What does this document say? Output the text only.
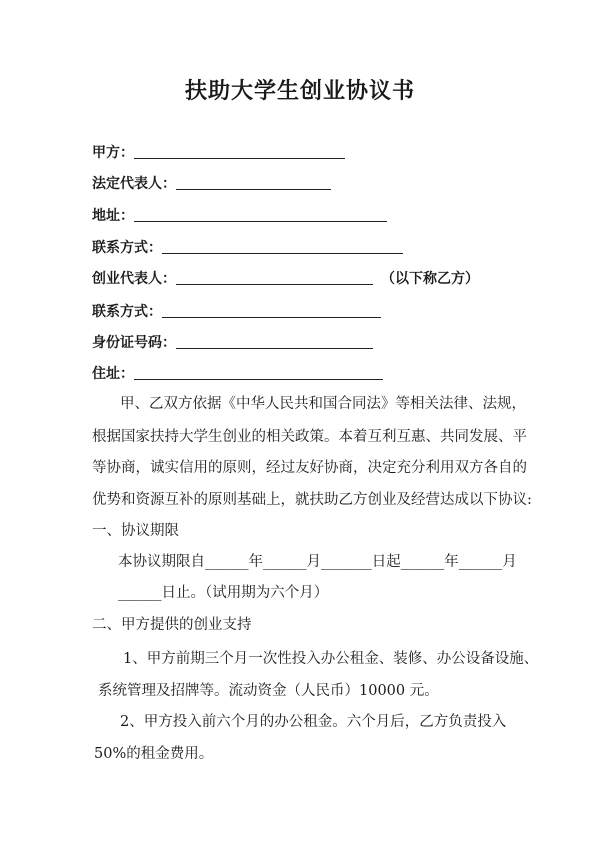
扶助大学生创业协议书
甲方：
法定代表人：
地址：
联系方式：
创业代表人：	（以下称乙方）
联系方式：
身份证号码：
住址：
甲、乙双方依据《中华人民共和国合同法》等相关法律、法规，
根据国家扶持大学生创业的相关政策。本着互利互惠、共同发展、平
等协商，诚实信用的原则，经过友好协商，决定充分利用双方各自的
优势和资源互补的原则基础上，就扶助乙方创业及经营达成以下协议:
一、协议期限
本协议期限自______年______月_______日起______年______月
______日止。（试用期为六个月）
二、甲方提供的创业支持
1、甲方前期三个月一次性投入办公租金、装修、办公设备设施、
系统管理及招牌等。流动资金（人民币）10000 元。
2、甲方投入前六个月的办公租金。六个月后，乙方负责投入
50%的租金费用。
